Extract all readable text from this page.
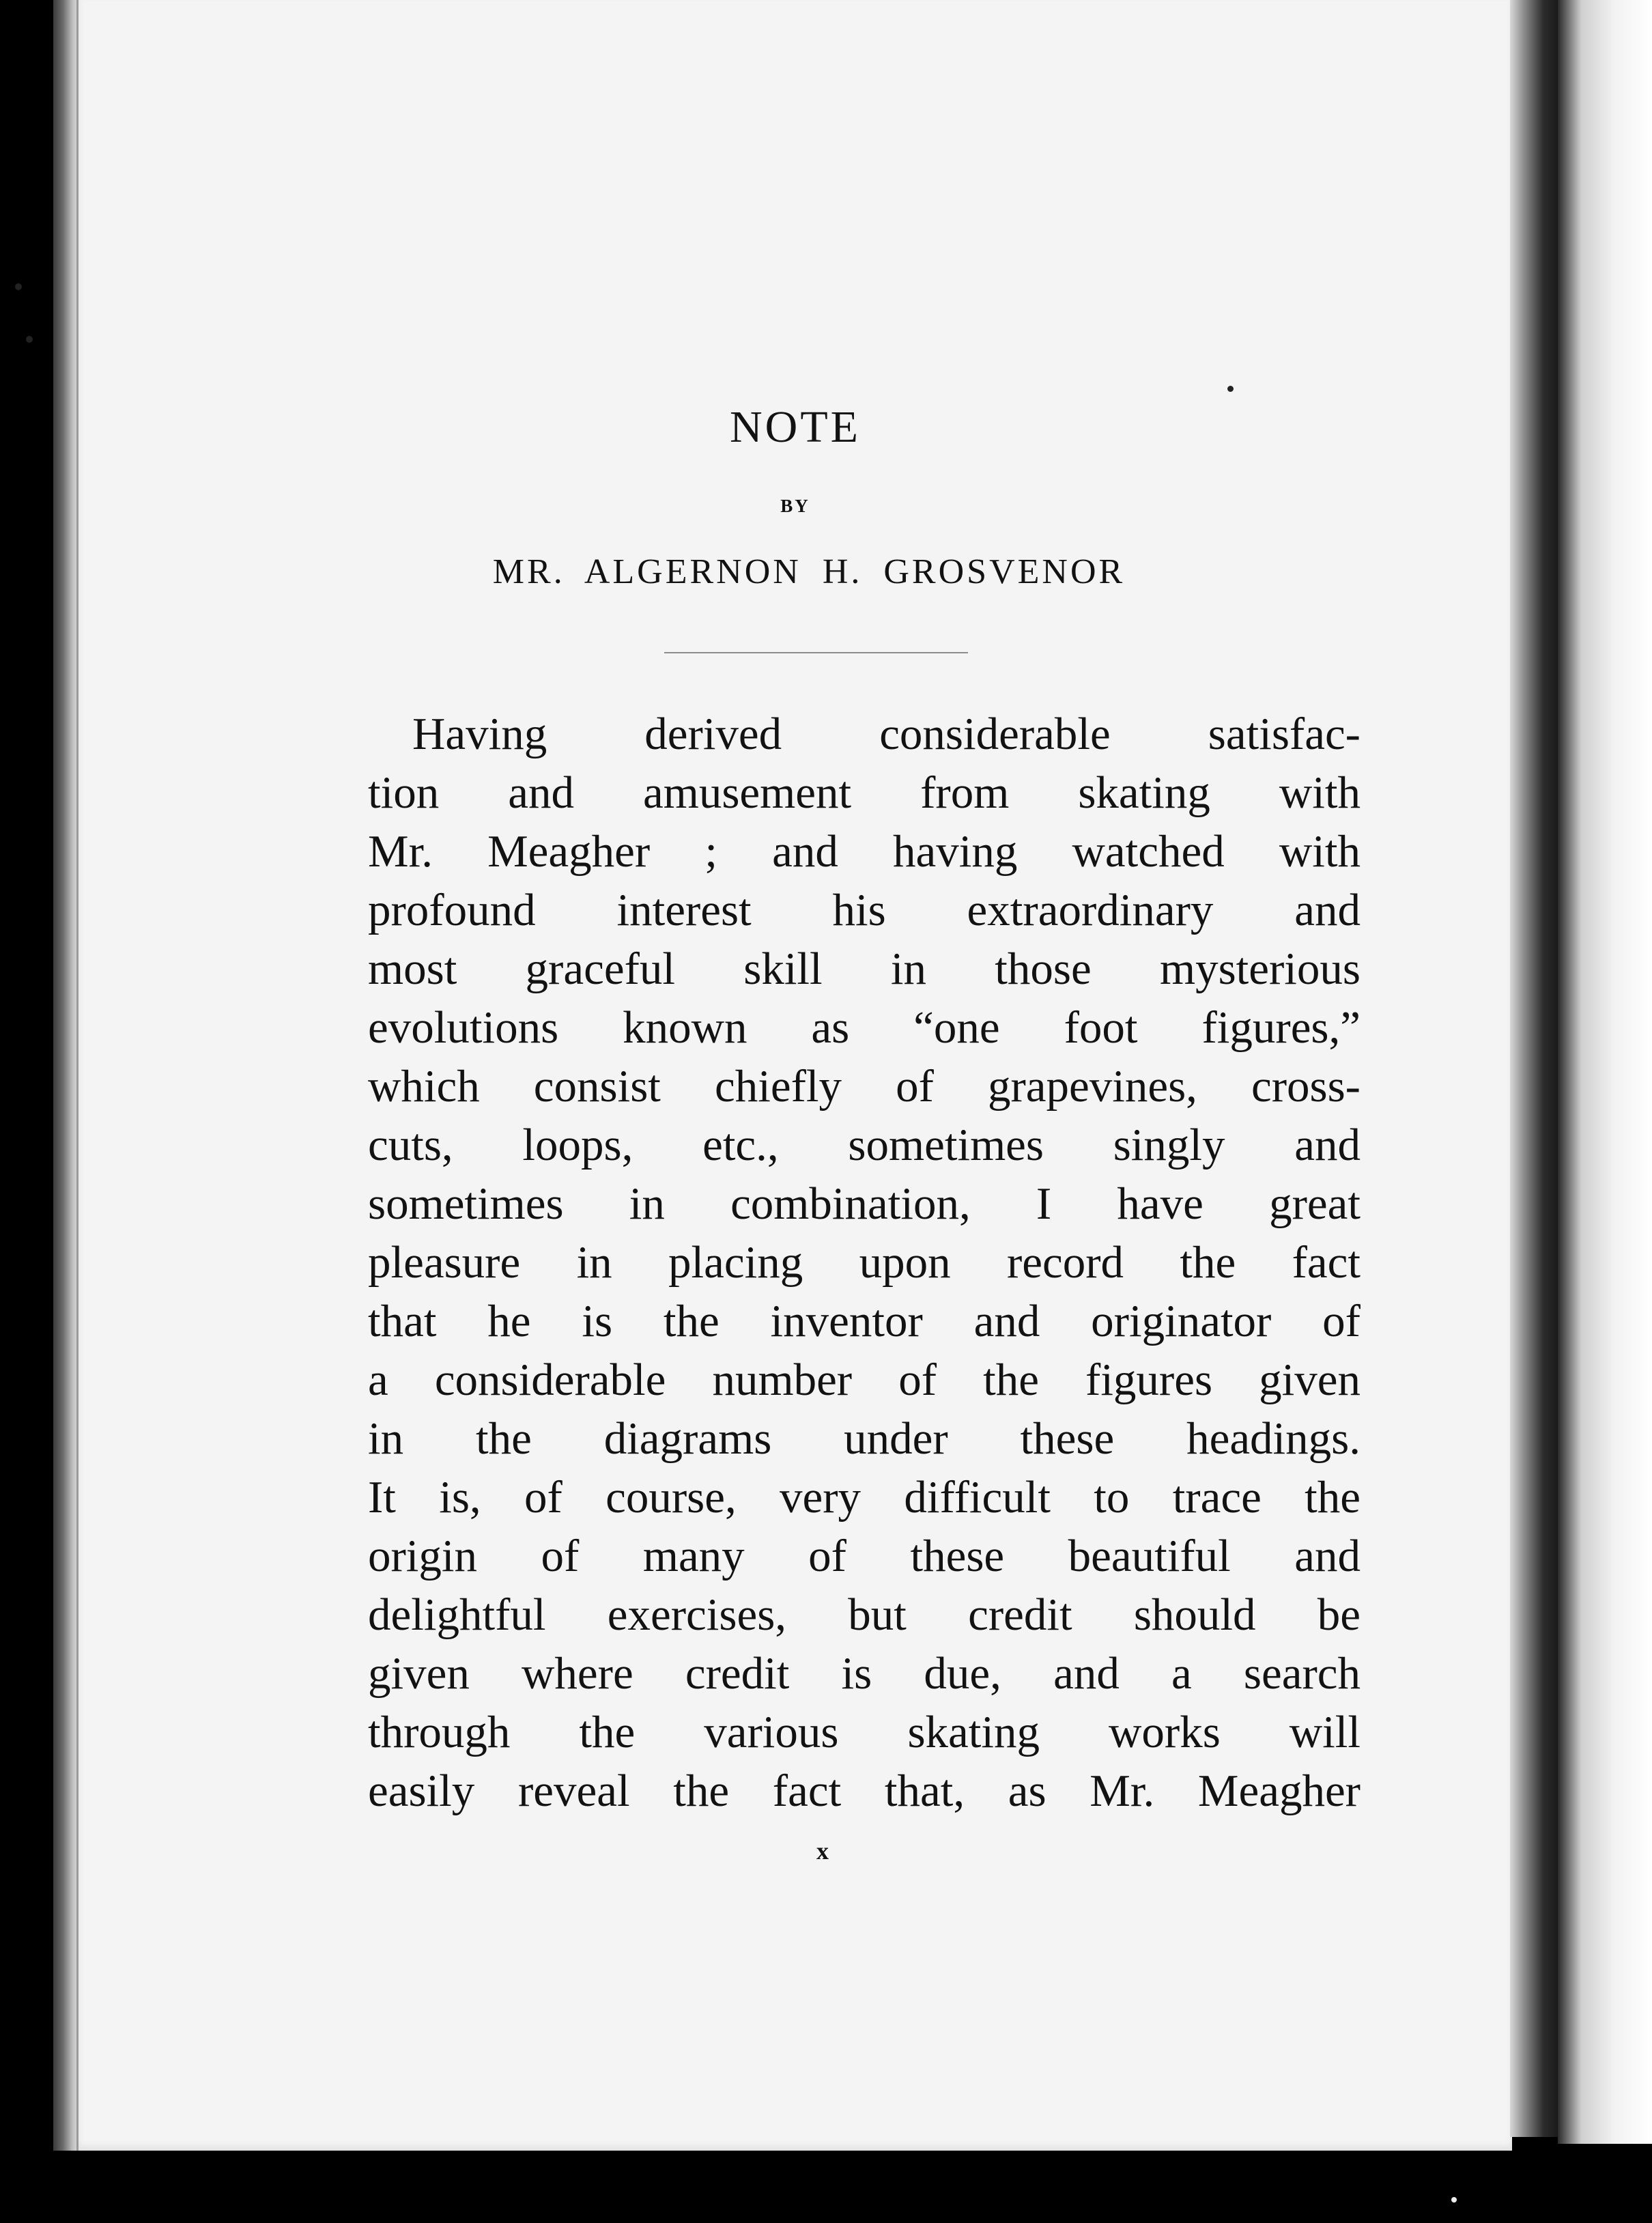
NOTE
BY
MR. ALGERNON H. GROSVENOR
Having derived considerable satisfac-
tion and amusement from skating with
Mr. Meagher ; and having watched with
profound interest his extraordinary and
most graceful skill in those mysterious
evolutions known as “one foot figures,”
which consist chiefly of grapevines, cross-
cuts, loops, etc., sometimes singly and
sometimes in combination, I have great
pleasure in placing upon record the fact
that he is the inventor and originator of
a considerable number of the figures given
in the diagrams under these headings.
It is, of course, very difficult to trace the
origin of many of these beautiful and
delightful exercises, but credit should be
given where credit is due, and a search
through the various skating works will
easily reveal the fact that, as Mr. Meagher
x
